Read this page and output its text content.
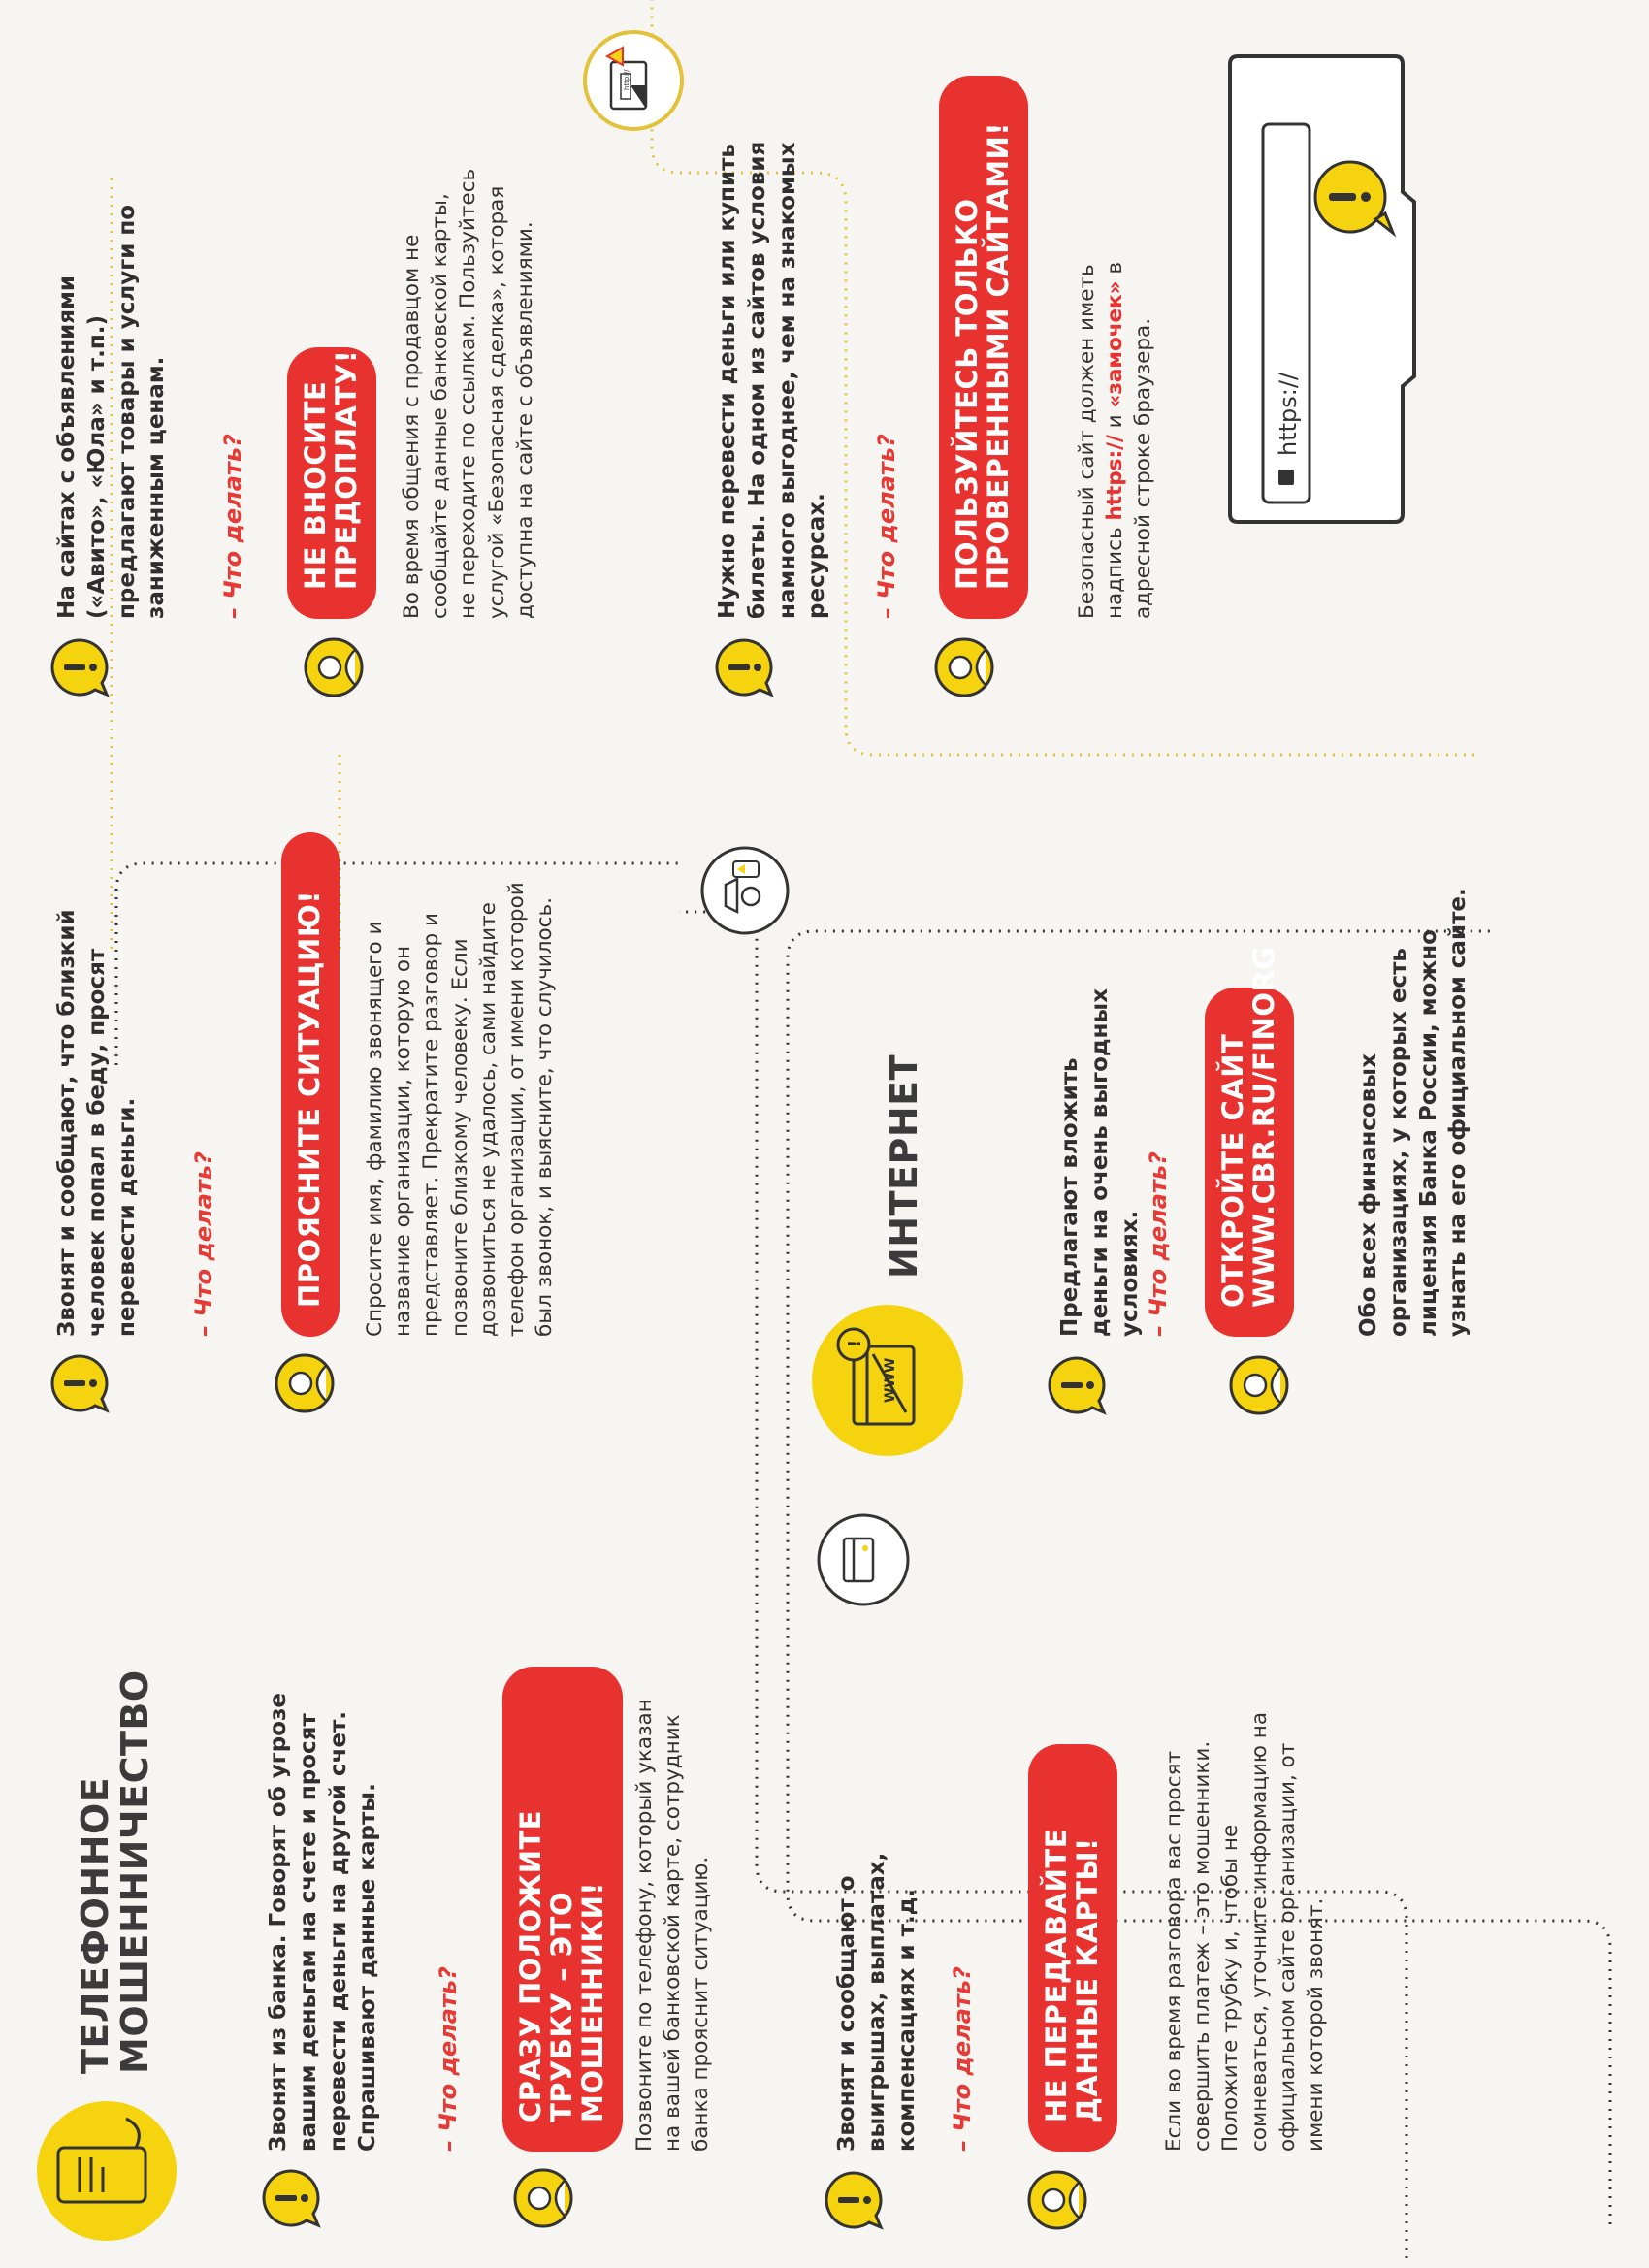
ТЕЛЕФОННОЕ
МОШЕННИЧЕСТВО	Звонят из банка. Говорят об угрозе вашим деньгам на счете и просят перевести деньги на другой счет. Спрашивают данные карты. – Что делать?	СРАЗУ ПОЛОЖИТЕ ТРУБКУ – ЭТО МОШЕННИКИ!	Позвоните по телефону, который указан на вашей банковской карте, сотрудник банка прояснит ситуацию.
Звонят и сообщают, что близкий человек попал в беду, просят перевести деньги. – Что делать?	ПРОЯСНИТЕ СИТУАЦИЮ!	Спросите имя, фамилию звонящего и название организации, которую он представляет. Прекратите разговор и позвоните близкому человеку. Если дозвониться не удалось, сами найдите телефон организации, от имени которой был звонок, и выясните, что случилось.
На сайтах с объявлениями («Авито», «Юла» и т.п.) предлагают товары и услуги по заниженным ценам. – Что делать?	НЕ ВНОСИТЕ ПРЕДОПЛАТУ!	Во время общения с продавцом не сообщайте данные банковской карты, не переходите по ссылкам. Пользуйтесь услугой «Безопасная сделка», которая доступна на сайте с объявлениями.
http://
Звонят и сообщают о выигрышах, выплатах, компенсациях и т.д. – Что делать?	НЕ ПЕРЕДАВАЙТЕ ДАННЫЕ КАРТЫ!	Если во время разговора вас просят совершить платеж – это мошенники. Положите трубку и, чтобы не сомневаться, уточните информацию на официальном сайте организации, от имени которой звонят.
WWW
!
ИНТЕРНЕТ	Предлагают вложить деньги на очень выгодных условиях. – Что делать?	ОТКРОЙТЕ САЙТ WWW.CBR.RU/FINORG	Обо всех финансовых организациях, у которых есть лицензия Банка России, можно узнать на его официальном сайте.
Нужно перевести деньги или купить билеты. На одном из сайтов условия намного выгоднее, чем на знакомых ресурсах. – Что делать?	ПОЛЬЗУЙТЕСЬ ТОЛЬКО ПРОВЕРЕННЫМИ САЙТАМИ!	Безопасный сайт должен иметь надпись https:// и «замочек» в адресной строке браузера.	https://
